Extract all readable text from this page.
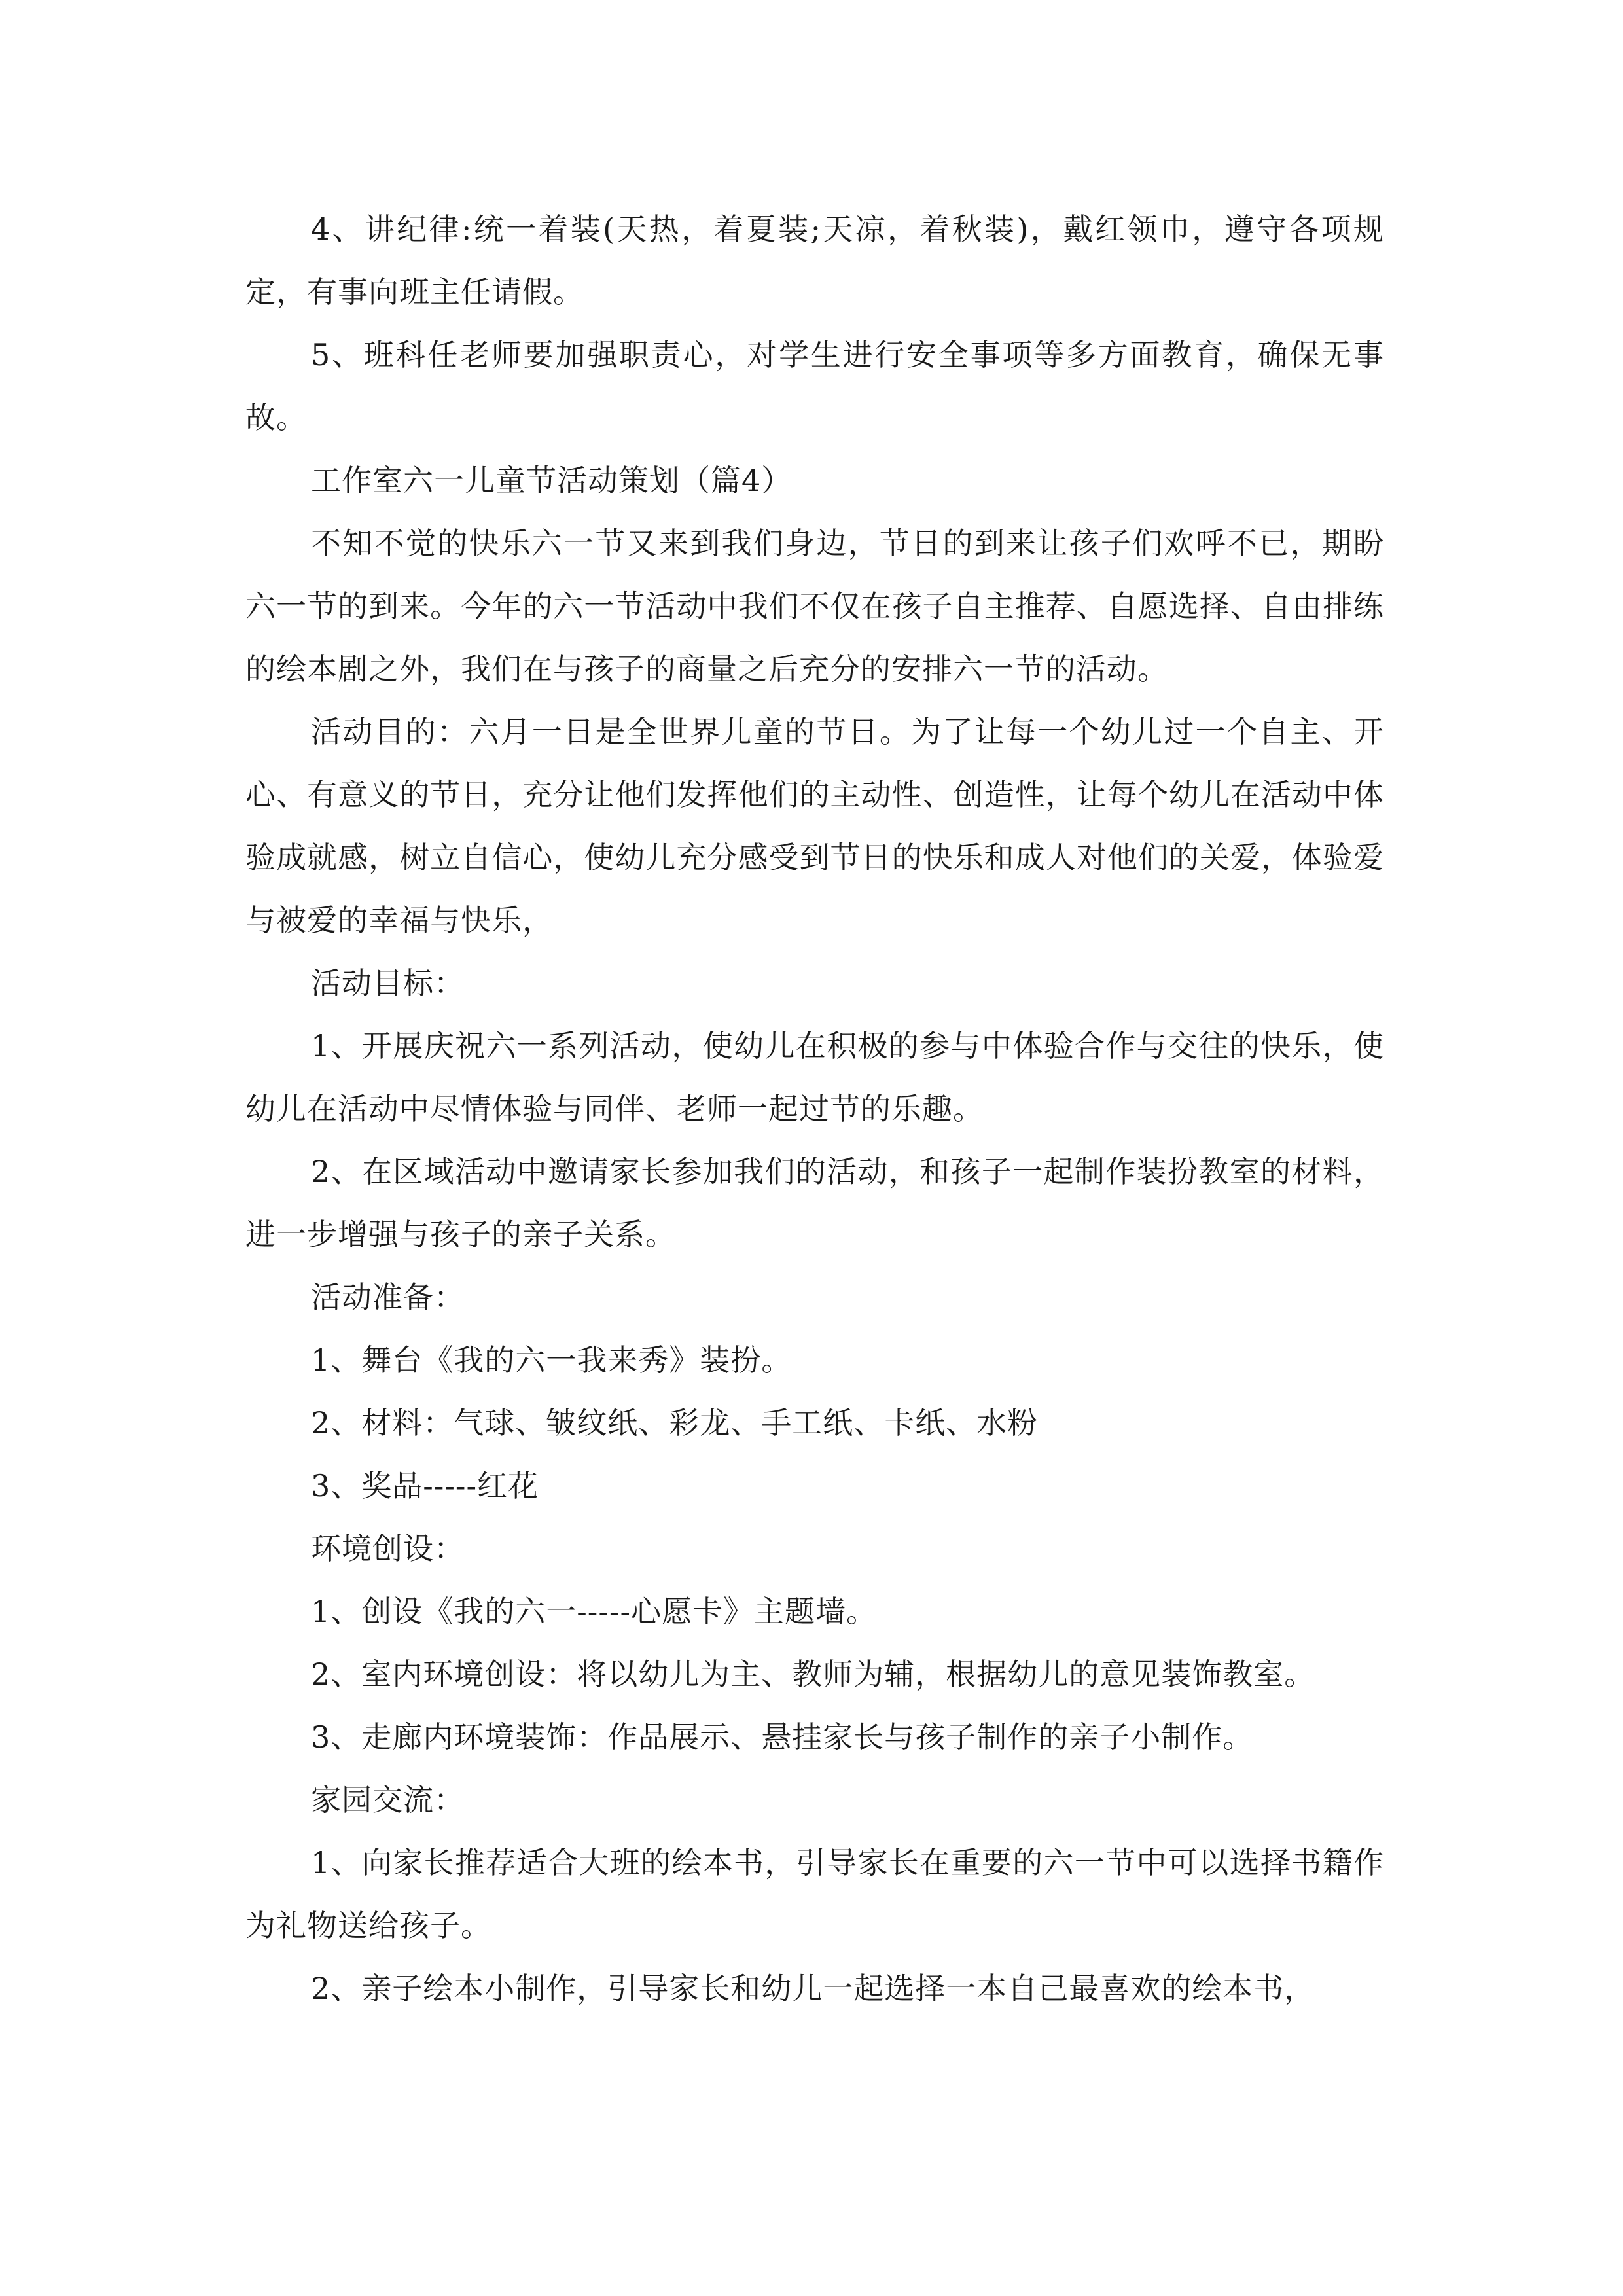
4、讲纪律:统一着装(天热，着夏装;天凉，着秋装)，戴红领巾，遵守各项规定，有事向班主任请假。

5、班科任老师要加强职责心，对学生进行安全事项等多方面教育，确保无事故。

工作室六一儿童节活动策划（篇4）

不知不觉的快乐六一节又来到我们身边，节日的到来让孩子们欢呼不已，期盼六一节的到来。今年的六一节活动中我们不仅在孩子自主推荐、自愿选择、自由排练的绘本剧之外，我们在与孩子的商量之后充分的安排六一节的活动。

活动目的：六月一日是全世界儿童的节日。为了让每一个幼儿过一个自主、开心、有意义的节日，充分让他们发挥他们的主动性、创造性，让每个幼儿在活动中体验成就感，树立自信心，使幼儿充分感受到节日的快乐和成人对他们的关爱，体验爱与被爱的幸福与快乐，

活动目标：

1、开展庆祝六一系列活动，使幼儿在积极的参与中体验合作与交往的快乐，使幼儿在活动中尽情体验与同伴、老师一起过节的乐趣。

2、在区域活动中邀请家长参加我们的活动，和孩子一起制作装扮教室的材料，进一步增强与孩子的亲子关系。

活动准备：

1、舞台《我的六一我来秀》装扮。

2、材料：气球、皱纹纸、彩龙、手工纸、卡纸、水粉

3、奖品-----红花

环境创设：

1、创设《我的六一-----心愿卡》主题墙。

2、室内环境创设：将以幼儿为主、教师为辅，根据幼儿的意见装饰教室。

3、走廊内环境装饰：作品展示、悬挂家长与孩子制作的亲子小制作。

家园交流：

1、向家长推荐适合大班的绘本书，引导家长在重要的六一节中可以选择书籍作为礼物送给孩子。

2、亲子绘本小制作，引导家长和幼儿一起选择一本自己最喜欢的绘本书，
